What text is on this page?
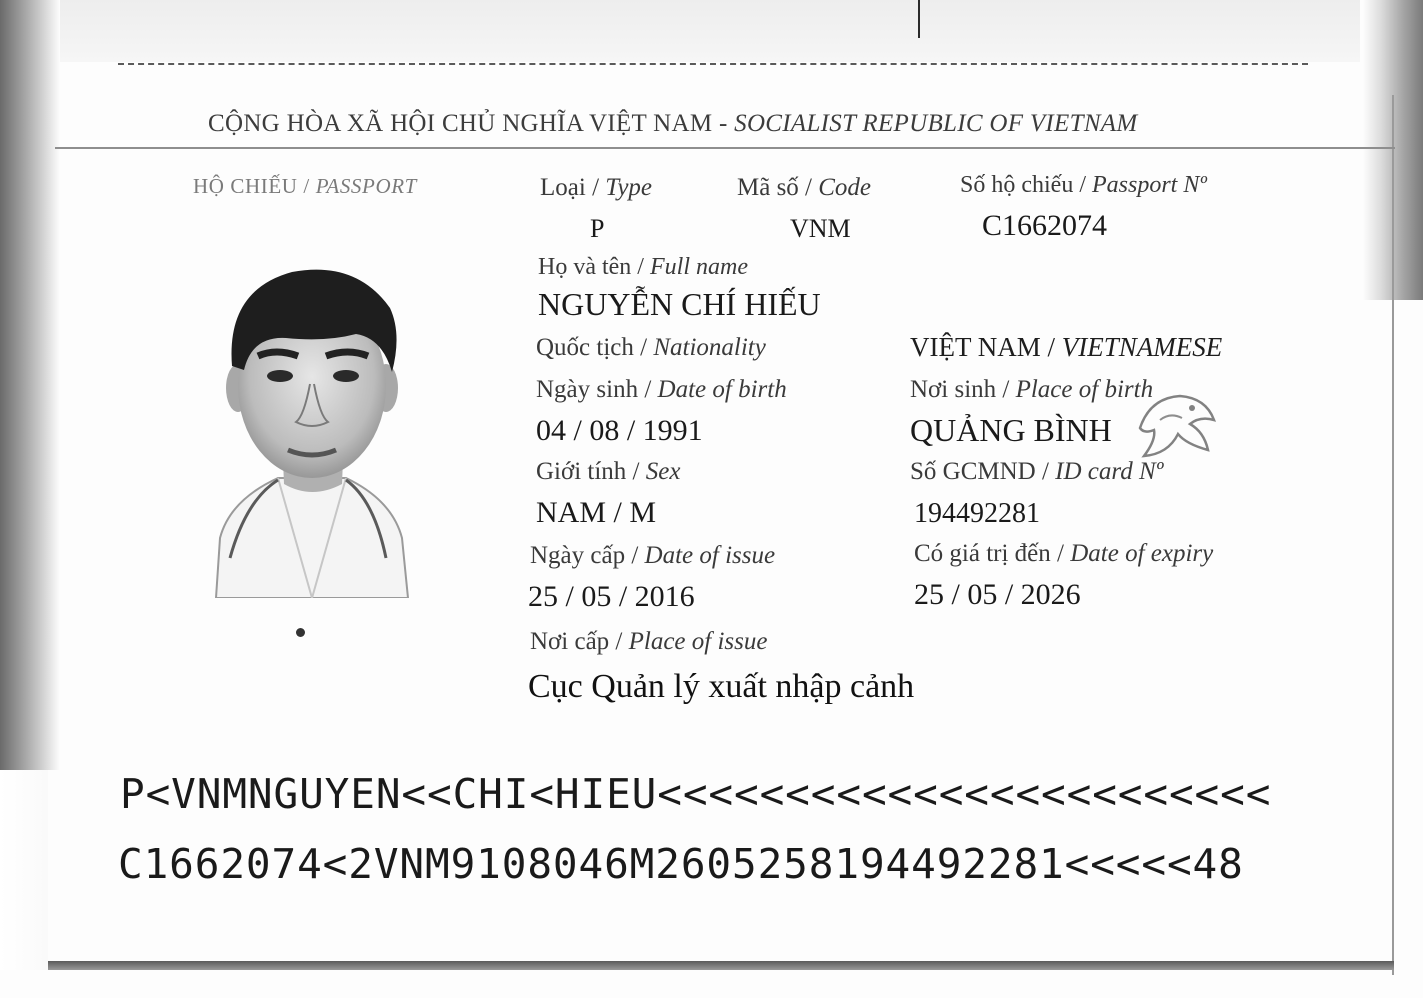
CỘNG HÒA XÃ HỘI CHỦ NGHĨA VIỆT NAM - SOCIALIST REPUBLIC OF VIETNAM
HỘ CHIẾU / PASSPORT	Loại / Type
P
Mã số / Code
VNM
Số hộ chiếu / Passport Nº
C1662074
Họ và tên / Full name
NGUYỄN CHÍ HIẾU
Quốc tịch / Nationality	VIỆT NAM / VIETNAMESE
Ngày sinh / Date of birth
04 / 08 / 1991
Nơi sinh / Place of birth
QUẢNG BÌNH
Giới tính / Sex
NAM / M
Số GCMND / ID card Nº
194492281
Ngày cấp / Date of issue
25 / 05 / 2016
Có giá trị đến / Date of expiry
25 / 05 / 2026
Nơi cấp / Place of issue
Cục Quản lý xuất nhập cảnh
P<VNMNGUYEN<<CHI<HIEU<<<<<<<<<<<<<<<<<<<<<<<<
C1662074<2VNM9108046M2605258194492281<<<<<48
